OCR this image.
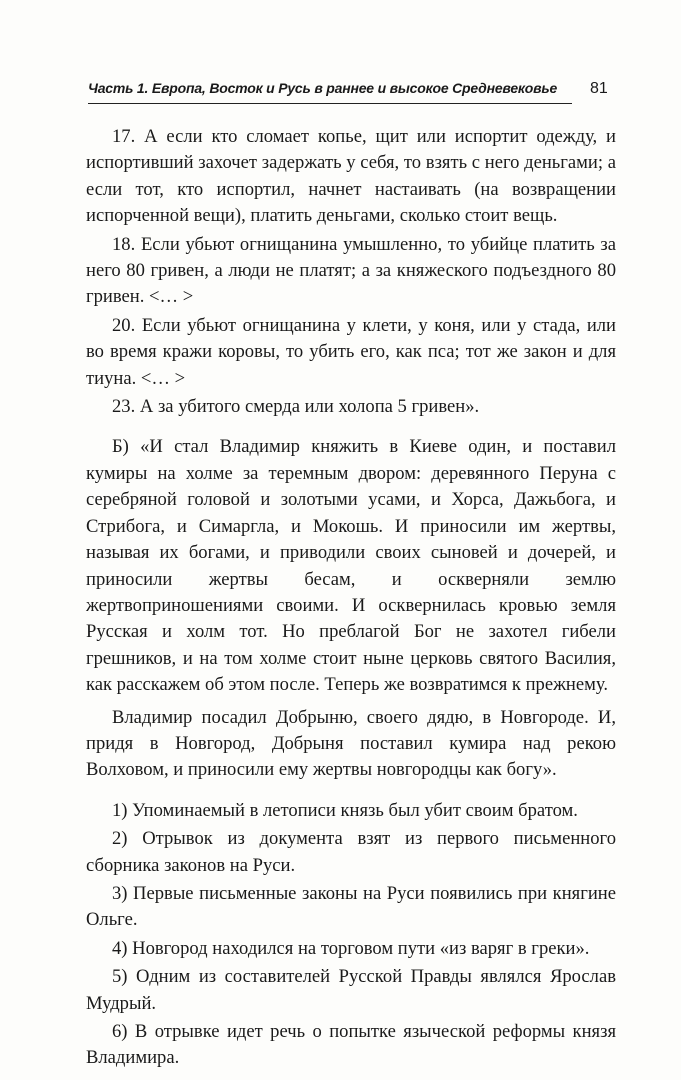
Часть 1. Европа, Восток и Русь в раннее и высокое Средневековье	81

17. А если кто сломает копье, щит или испортит одежду, и испортивший захочет задержать у себя, то взять с него деньгами; а если тот, кто испортил, начнет настаивать (на возвращении испорченной вещи), платить деньгами, сколько стоит вещь.

18. Если убьют огнищанина умышленно, то убийце платить за него 80 гривен, а люди не платят; а за княжеского подъездного 80 гривен. <… >

20. Если убьют огнищанина у клети, у коня, или у стада, или во время кражи коровы, то убить его, как пса; тот же закон и для тиуна. <… >

23. А за убитого смерда или холопа 5 гривен».

Б) «И стал Владимир княжить в Киеве один, и поставил кумиры на холме за теремным двором: деревянного Перуна с серебряной головой и золотыми усами, и Хорса, Дажьбога, и Стрибога, и Симаргла, и Мокошь. И приносили им жертвы, называя их богами, и приводили своих сыновей и дочерей, и приносили жертвы бесам, и оскверняли землю жертвоприношениями своими. И осквернилась кровью земля Русская и холм тот. Но преблагой Бог не захотел гибели грешников, и на том холме стоит ныне церковь святого Василия, как расскажем об этом после. Теперь же возвратимся к прежнему.

Владимир посадил Добрыню, своего дядю, в Новгороде. И, придя в Новгород, Добрыня поставил кумира над рекою Волховом, и приносили ему жертвы новгородцы как богу».

1) Упоминаемый в летописи князь был убит своим братом.

2) Отрывок из документа взят из первого письменного сборника законов на Руси.

3) Первые письменные законы на Руси появились при княгине Ольге.

4) Новгород находился на торговом пути «из варяг в греки».

5) Одним из составителей Русской Правды являлся Ярослав Мудрый.

6) В отрывке идет речь о попытке языческой реформы князя Владимира.
